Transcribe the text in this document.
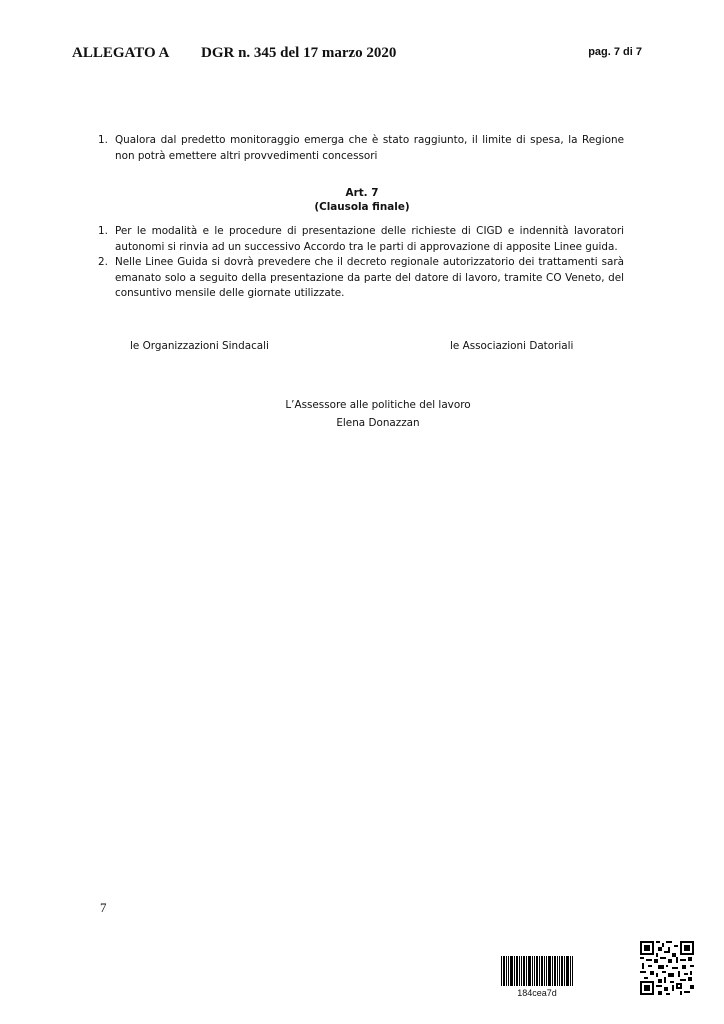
ALLEGATO A DGR n. 345 del 17 marzo 2020	pag. 7 di 7
1. Qualora dal predetto monitoraggio emerga che è stato raggiunto, il limite di spesa, la Regione non potrà emettere altri provvedimenti concessori
Art. 7
(Clausola finale)
1. Per le modalità e le procedure di presentazione delle richieste di CIGD e indennità lavoratori autonomi si rinvia ad un successivo Accordo tra le parti di approvazione di apposite Linee guida.
2. Nelle Linee Guida si dovrà prevedere che il decreto regionale autorizzatorio dei trattamenti sarà emanato solo a seguito della presentazione da parte del datore di lavoro, tramite CO Veneto, del consuntivo mensile delle giornate utilizzate.
le Organizzazioni Sindacali	le Associazioni Datoriali
L’Assessore alle politiche del lavoro
Elena Donazzan
7
184cea7d
